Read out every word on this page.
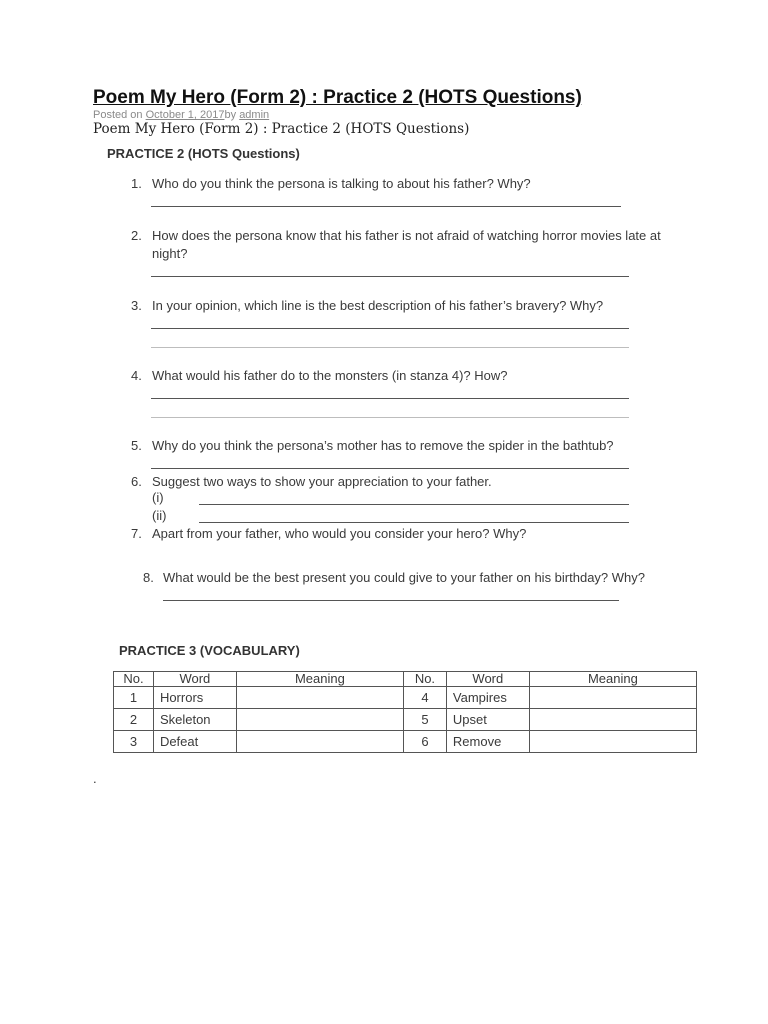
Poem My Hero (Form 2) : Practice 2 (HOTS Questions)
Posted on October 1, 2017by admin
Poem My Hero (Form 2) : Practice 2 (HOTS Questions)
PRACTICE 2 (HOTS Questions)
1. Who do you think the persona is talking to about his father? Why?
2. How does the persona know that his father is not afraid of watching horror movies late at
night?
3. In your opinion, which line is the best description of his father’s bravery? Why?
4. What would his father do to the monsters (in stanza 4)? How?
5. Why do you think the persona’s mother has to remove the spider in the bathtub?
6. Suggest two ways to show your appreciation to your father.
(i)
(ii)
7. Apart from your father, who would you consider your hero? Why?
8. What would be the best present you could give to your father on his birthday? Why?
PRACTICE 3 (VOCABULARY)
No.	Word	Meaning	No.	Word	Meaning
1	Horrors		4	Vampires	
2	Skeleton		5	Upset	
3	Defeat		6	Remove	
.
